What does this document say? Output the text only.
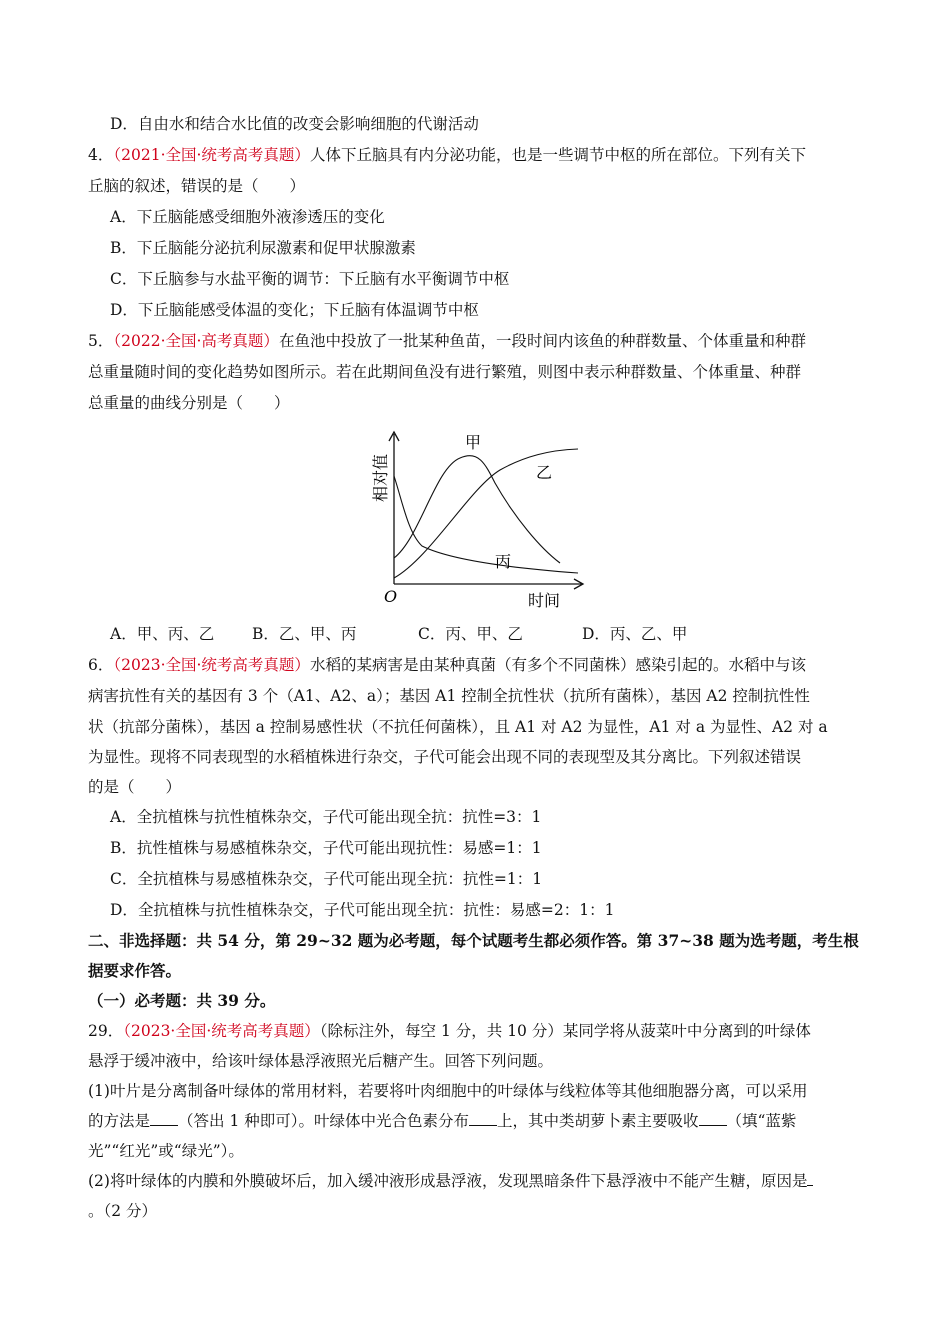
D．自由水和结合水比值的改变会影响细胞的代谢活动
4．（2021·全国·统考高考真题）人体下丘脑具有内分泌功能，也是一些调节中枢的所在部位。下列有关下
丘脑的叙述，错误的是（　　）
A．下丘脑能感受细胞外液渗透压的变化
B．下丘脑能分泌抗利尿激素和促甲状腺激素
C．下丘脑参与水盐平衡的调节：下丘脑有水平衡调节中枢
D．下丘脑能感受体温的变化；下丘脑有体温调节中枢
5．（2022·全国·高考真题）在鱼池中投放了一批某种鱼苗，一段时间内该鱼的种群数量、个体重量和种群
总重量随时间的变化趋势如图所示。若在此期间鱼没有进行繁殖，则图中表示种群数量、个体重量、种群
总重量的曲线分别是（　　）
甲
乙
丙
O	时间
相对值
A．甲、丙、乙 B．乙、甲、丙	C．丙、甲、乙	D．丙、乙、甲
6．（2023·全国·统考高考真题）水稻的某病害是由某种真菌（有多个不同菌株）感染引起的。水稻中与该
病害抗性有关的基因有 3 个（A1、A2、a）；基因 A1 控制全抗性状（抗所有菌株），基因 A2 控制抗性性
状（抗部分菌株），基因 a 控制易感性状（不抗任何菌株），且 A1 对 A2 为显性，A1 对 a 为显性、A2 对 a
为显性。现将不同表现型的水稻植株进行杂交，子代可能会出现不同的表现型及其分离比。下列叙述错误
的是（　　）
A．全抗植株与抗性植株杂交，子代可能出现全抗：抗性=3：1
B．抗性植株与易感植株杂交，子代可能出现抗性：易感=1：1
C．全抗植株与易感植株杂交，子代可能出现全抗：抗性=1：1
D．全抗植株与抗性植株杂交，子代可能出现全抗：抗性：易感=2：1：1
二、非选择题：共 54 分，第 29~32 题为必考题，每个试题考生都必须作答。第 37~38 题为选考题，考生根
据要求作答。
（一）必考题：共 39 分。
29．（2023·全国·统考高考真题）（除标注外，每空 1 分，共 10 分）某同学将从菠菜叶中分离到的叶绿体
悬浮于缓冲液中，给该叶绿体悬浮液照光后糖产生。回答下列问题。
(1)叶片是分离制备叶绿体的常用材料，若要将叶肉细胞中的叶绿体与线粒体等其他细胞器分离，可以采用
的方法是 （答出 1 种即可）。叶绿体中光合色素分布 上，其中类胡萝卜素主要吸收 （填“蓝紫
光”“红光”或“绿光”）。
(2)将叶绿体的内膜和外膜破坏后，加入缓冲液形成悬浮液，发现黑暗条件下悬浮液中不能产生糖，原因是
。（2 分）
